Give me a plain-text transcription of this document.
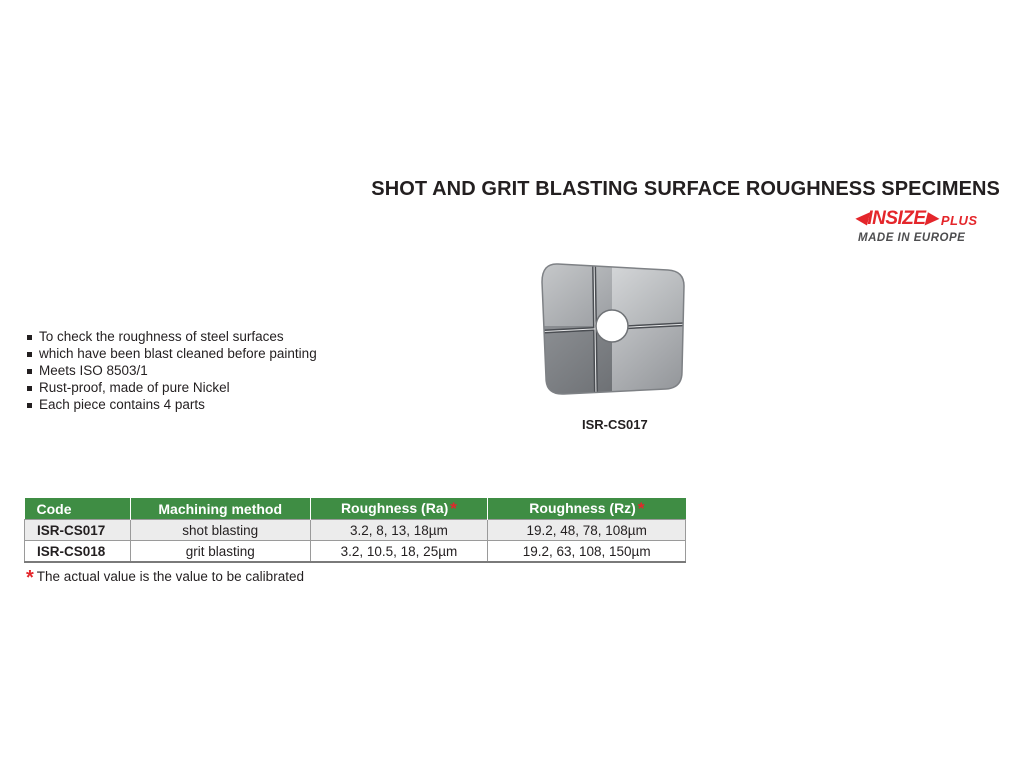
SHOT AND GRIT BLASTING SURFACE ROUGHNESS SPECIMENS
◀ INSIZE ▶ PLUS
MADE IN EUROPE
ISR-CS017
To check the roughness of steel surfaces
which have been blast cleaned before painting
Meets ISO 8503/1
Rust-proof, made of pure Nickel
Each piece contains 4 parts
Code	Machining method	Roughness (Ra) *	Roughness (Rz) *
ISR-CS017	shot blasting	3.2, 8, 13, 18µm	19.2, 48, 78, 108µm
ISR-CS018	grit blasting	3.2, 10.5, 18, 25µm	19.2, 63, 108, 150µm
* The actual value is the value to be calibrated
